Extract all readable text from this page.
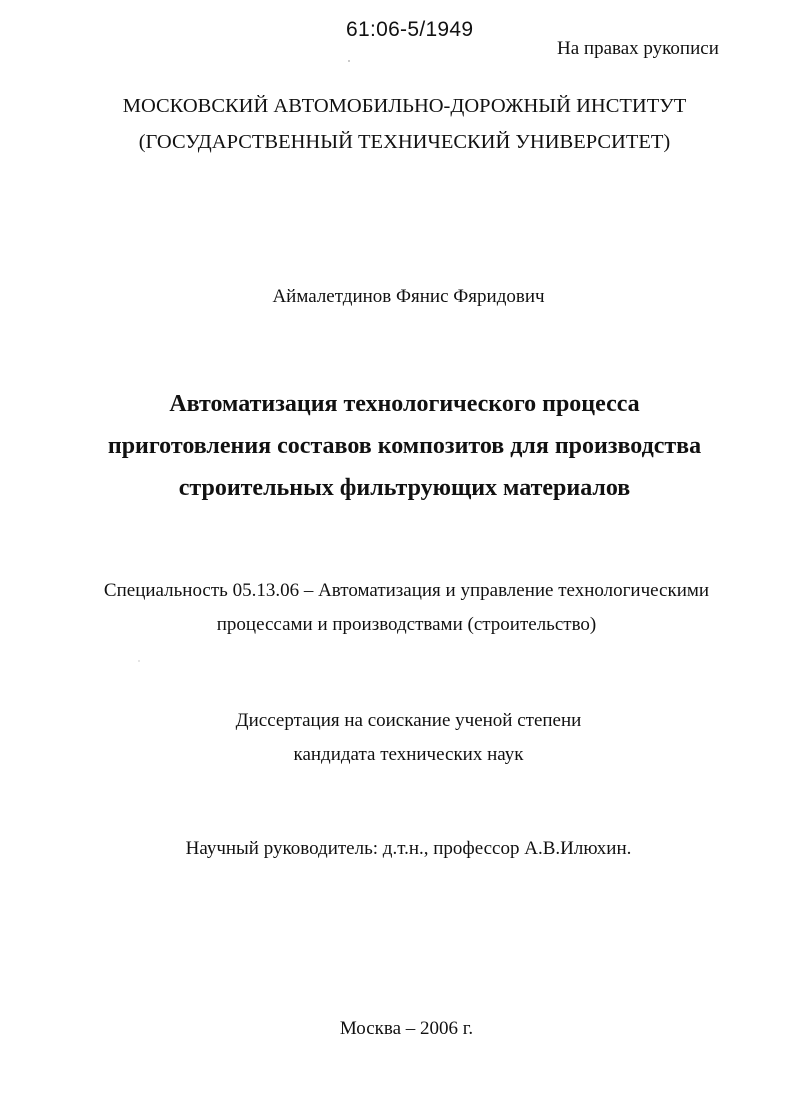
61:06-5/1949
На правах рукописи
МОСКОВСКИЙ АВТОМОБИЛЬНО-ДОРОЖНЫЙ ИНСТИТУТ
(ГОСУДАРСТВЕННЫЙ ТЕХНИЧЕСКИЙ УНИВЕРСИТЕТ)
Аймалетдинов Фянис Фяридович
Автоматизация технологического процесса
приготовления составов композитов для производства
строительных фильтрующих материалов
Специальность 05.13.06 – Автоматизация и управление технологическими
процессами и производствами (строительство)
Диссертация на соискание ученой степени
кандидата технических наук
Научный руководитель: д.т.н., профессор А.В.Илюхин.
Москва – 2006 г.
